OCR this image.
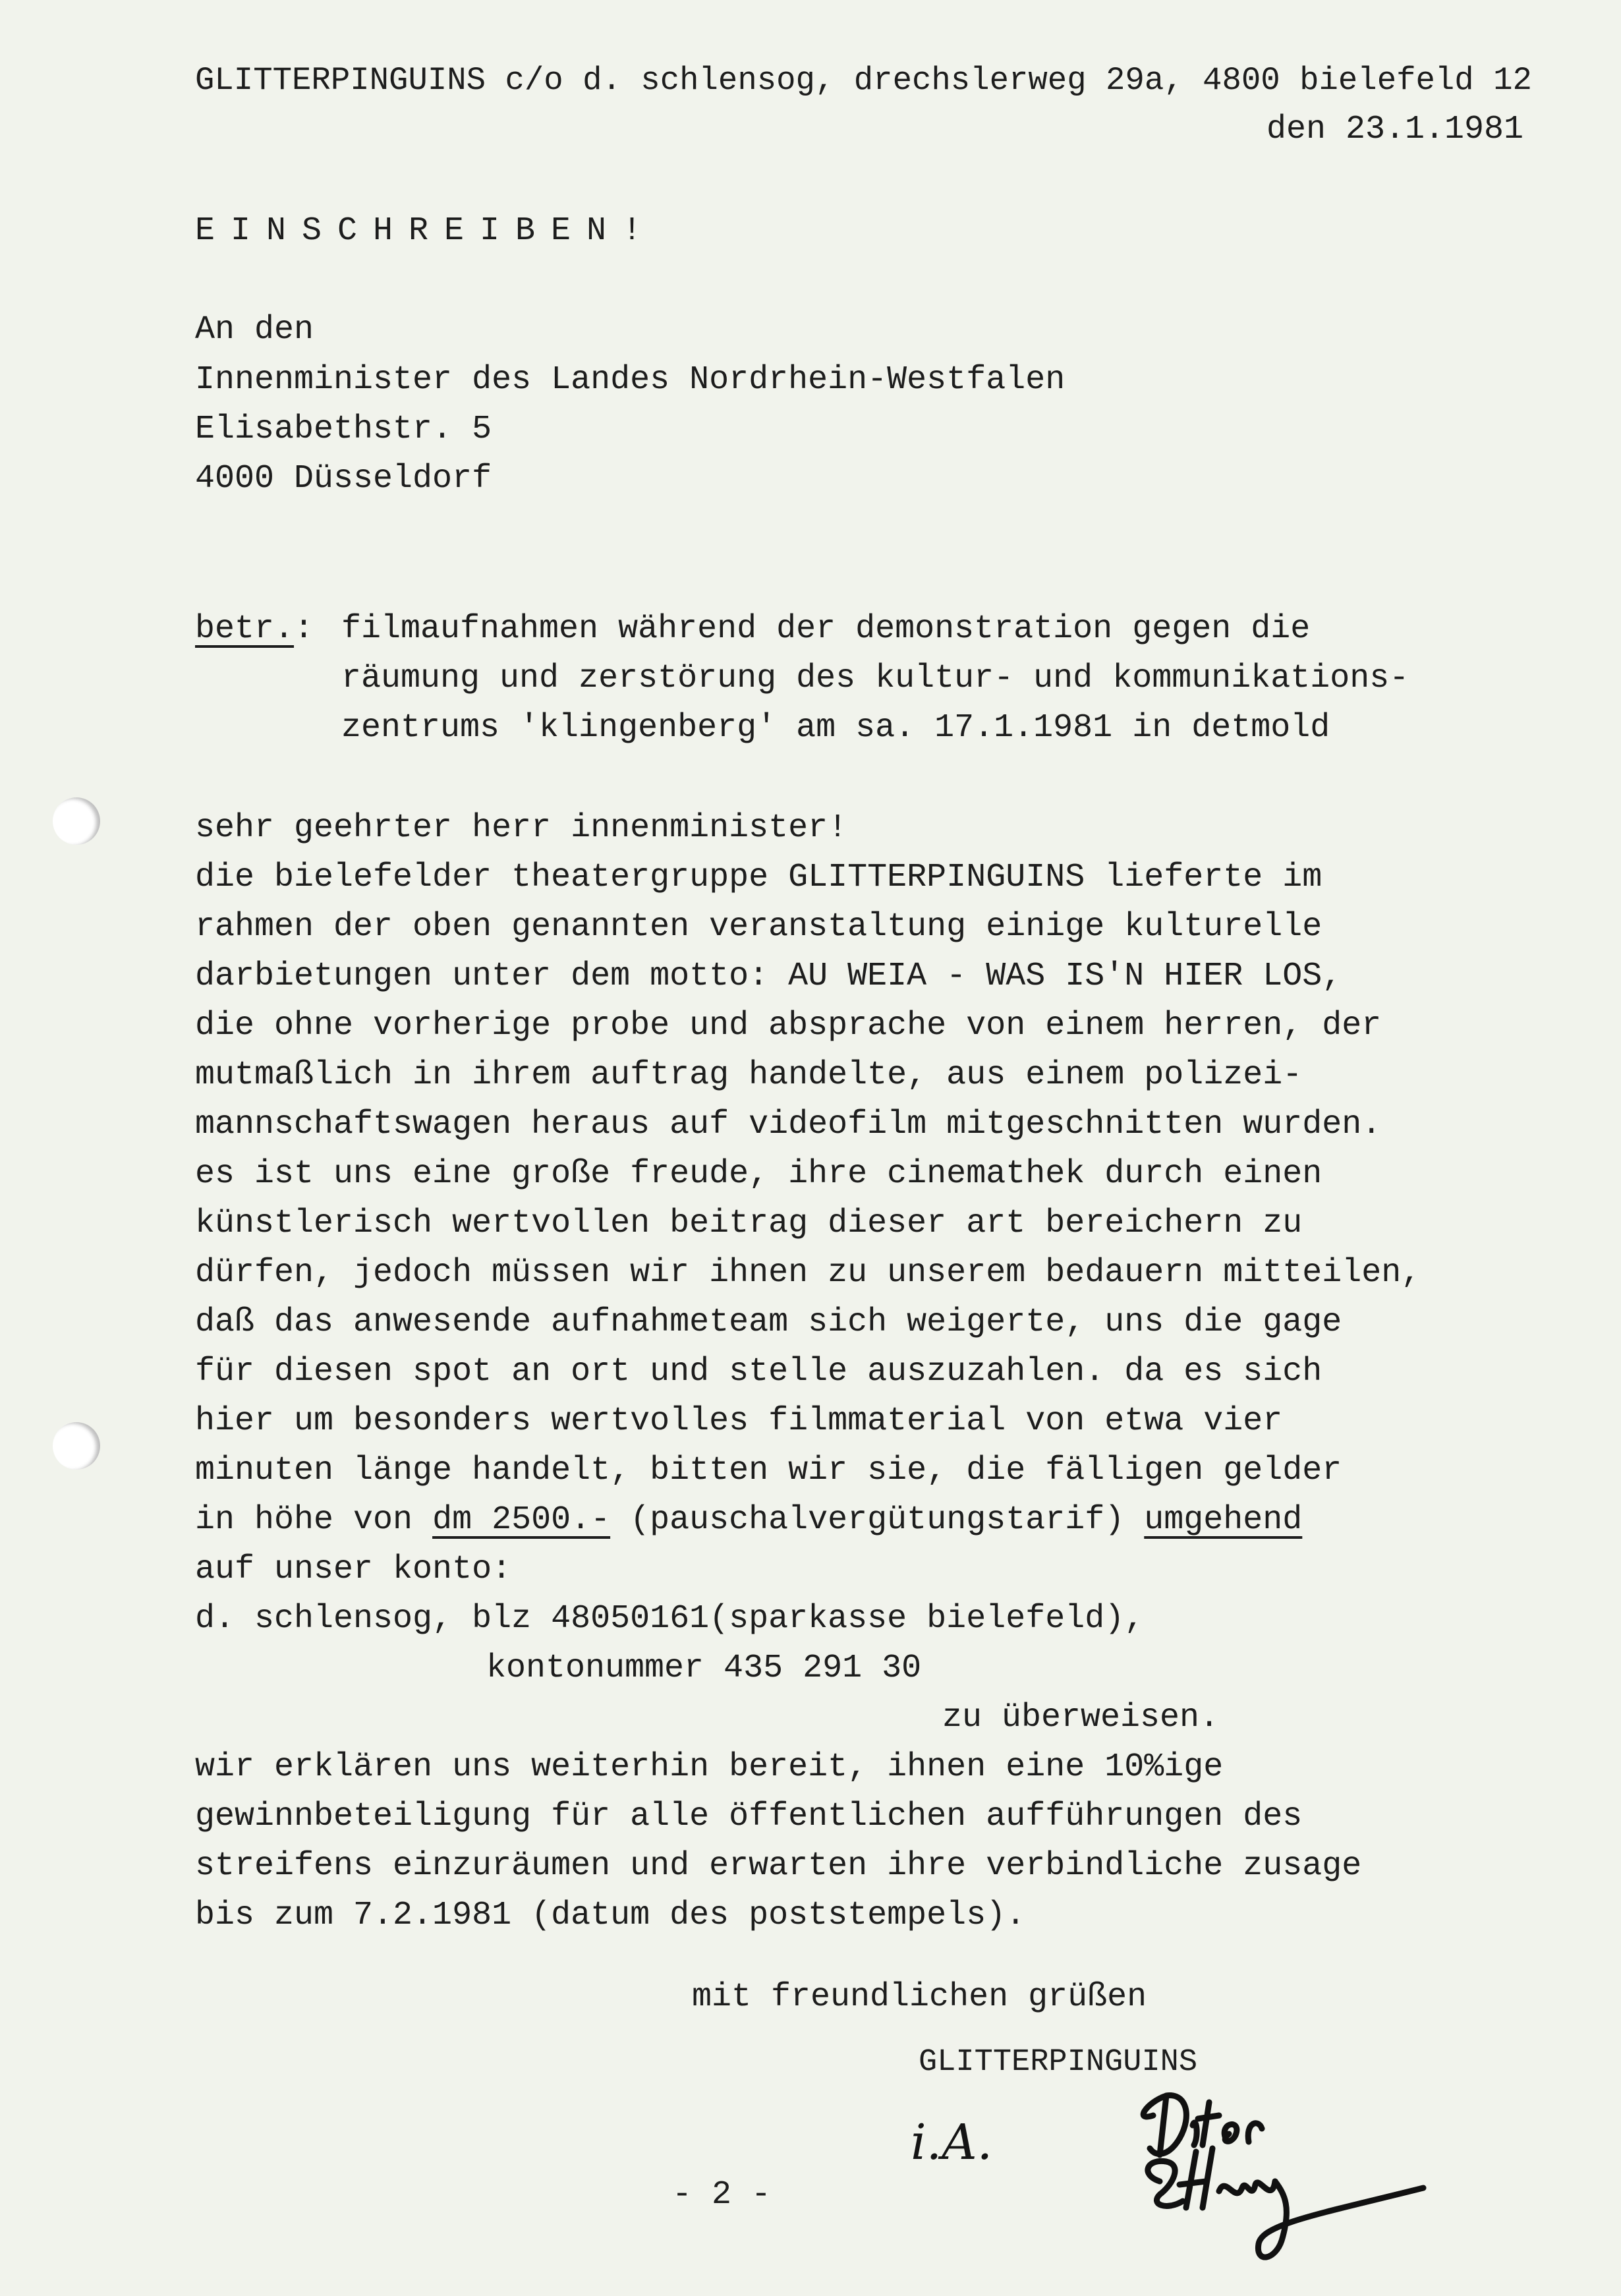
GLITTERPINGUINS c/o d. schlensog, drechslerweg 29a, 4800 bielefeld 12
den 23.1.1981
EINSCHREIBEN!
An den
Innenminister des Landes Nordrhein-Westfalen
Elisabethstr. 5
4000 Düsseldorf
betr.: filmaufnahmen während der demonstration gegen die
räumung und zerstörung des kultur- und kommunikations-
zentrums 'klingenberg' am sa. 17.1.1981 in detmold
sehr geehrter herr innenminister!
die bielefelder theatergruppe GLITTERPINGUINS lieferte im
rahmen der oben genannten veranstaltung einige kulturelle
darbietungen unter dem motto: AU WEIA - WAS IS'N HIER LOS,
die ohne vorherige probe und absprache von einem herren, der
mutmaßlich in ihrem auftrag handelte, aus einem polizei-
mannschaftswagen heraus auf videofilm mitgeschnitten wurden.
es ist uns eine große freude, ihre cinemathek durch einen
künstlerisch wertvollen beitrag dieser art bereichern zu
dürfen, jedoch müssen wir ihnen zu unserem bedauern mitteilen,
daß das anwesende aufnahmeteam sich weigerte, uns die gage
für diesen spot an ort und stelle auszuzahlen. da es sich
hier um besonders wertvolles filmmaterial von etwa vier
minuten länge handelt, bitten wir sie, die fälligen gelder
in höhe von dm 2500.- (pauschalvergütungstarif) umgehend
auf unser konto:
d. schlensog, blz 48050161(sparkasse bielefeld),
kontonummer 435 291 30
zu überweisen.
wir erklären uns weiterhin bereit, ihnen eine 10%ige
gewinnbeteiligung für alle öffentlichen aufführungen des
streifens einzuräumen und erwarten ihre verbindliche zusage
bis zum 7.2.1981 (datum des poststempels).
mit freundlichen grüßen
GLITTERPINGUINS
i.A.
- 2 -
